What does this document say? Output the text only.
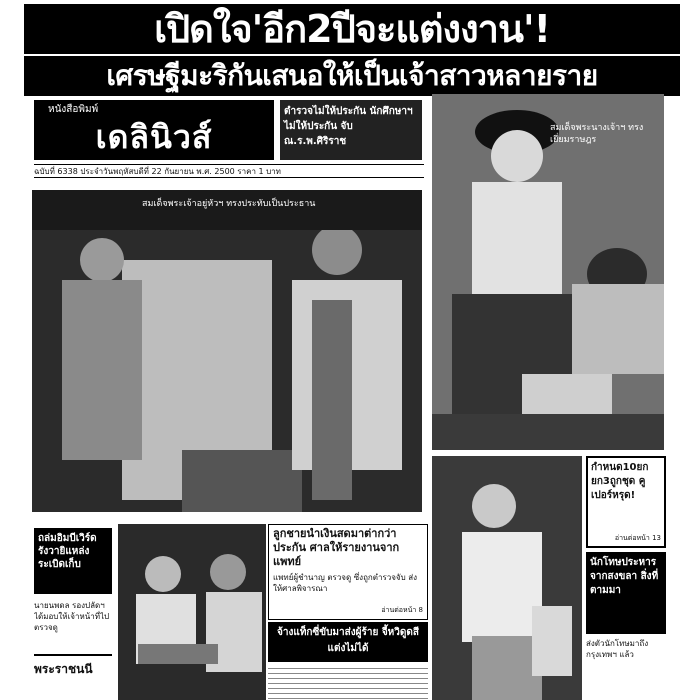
เปิดใจ'อีก2ปีจะแต่งงาน'!
เศรษฐีมะริกันเสนอให้เป็นเจ้าสาวหลายราย
หนังสือพิมพ์
เดลินิวส์
ตำรวจไม่ให้ประกัน นักศึกษาฯ ไม่ให้ประกัน จับ ณ.ร.พ.ศิริราช
ฉบับที่ 6338 ประจำวันพฤหัสบดีที่ 22 กันยายน พ.ศ. 2500 ราคา 1 บาท
สมเด็จพระเจ้าอยู่หัวฯ ทรงประทับเป็นประธาน
สมเด็จพระนางเจ้าฯ ทรงเยี่ยมราษฎร
ถล่มอิมบีเวิร์ด รังวายิแหล่งระเบิดเก็บ
นายนพดล รองปลัดฯ ได้มอบให้เจ้าหน้าที่ไปตรวจดู
พระราชนนี
ลูกชายนำเงินสดมาต่ากว่าประกัน ศาลให้รายงานจากแพทย์
แพทย์ผู้ชำนาญ ตรวจดู ซึ่งถูกตำรวจจับ ส่งให้ศาลพิจารณา
อ่านต่อหน้า 8
จ้างแท็กซี่ขับมาส่งผู้ร้าย จี้หวิดูดสีแต่งไม่ได้
กำหนด10ยก ยก3ถูกชุด คูเปอร์หรุด!
อ่านต่อหน้า 13
นักโทษประหาร จากสงขลา สิ่งที่ตามมา
ส่งตัวนักโทษมาถึงกรุงเทพฯ แล้ว
